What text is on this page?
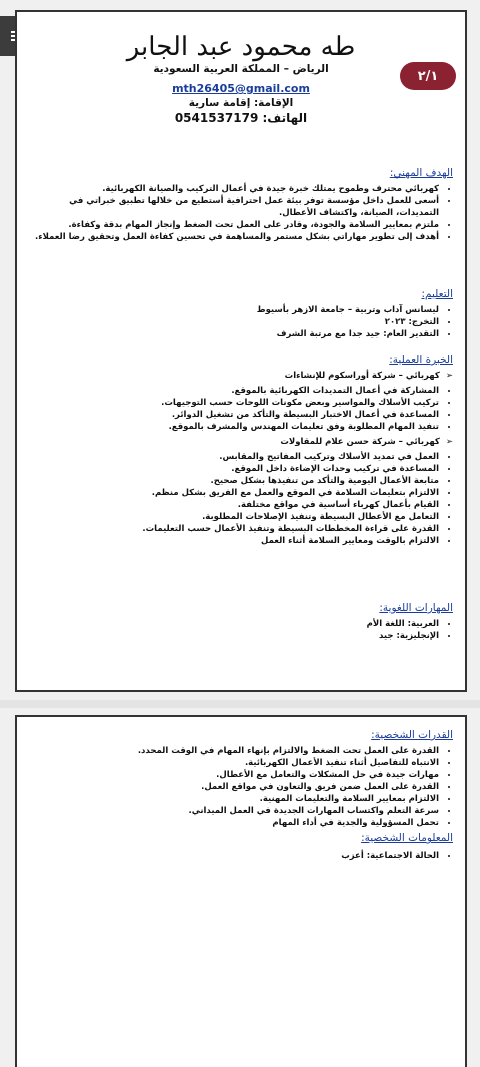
طه محمود عبد الجابر
الرياض – المملكة العربية السعودية
mth26405@gmail.com
الإقامة: إقامة سارية
الهاتف: 0541537179
٢/١
الهدف المهني:
• كهربائي محترف وطموح يمتلك خبرة جيدة في أعمال التركيب والصيانة الكهربائية.
• أسعى للعمل داخل مؤسسة توفر بيئة عمل احترافية أستطيع من خلالها تطبيق خبراتي في التمديدات، الصيانة، واكتشاف الأعطال.
• ملتزم بمعايير السلامة والجودة، وقادر على العمل تحت الضغط وإنجاز المهام بدقة وكفاءة.
• أهدف إلى تطوير مهاراتي بشكل مستمر والمساهمة في تحسين كفاءة العمل وتحقيق رضا العملاء.
التعليم:
• ليسانس آداب وتربية – جامعة الازهر بأسيوط
• التخرج: ٢٠٢٣
• التقدير العام: جيد جدا مع مرتبة الشرف
الخبرة العملية:
➢كهربائي – شركة أوراسكوم للإنشاءات
• المشاركة في أعمال التمديدات الكهربائية بالموقع.
• تركيب الأسلاك والمواسير وبعض مكونات اللوحات حسب التوجيهات.
• المساعدة في أعمال الاختبار البسيطة والتأكد من تشغيل الدوائر.
• تنفيذ المهام المطلوبة وفق تعليمات المهندس والمشرف بالموقع.
➢كهربائي – شركة حسن علام للمقاولات
• العمل في تمديد الأسلاك وتركيب المفاتيح والمقابس.
• المساعدة في تركيب وحدات الإضاءة داخل الموقع.
• متابعة الأعمال اليومية والتأكد من تنفيذها بشكل صحيح.
• الالتزام بتعليمات السلامة في الموقع والعمل مع الفريق بشكل منظم.
• القيام بأعمال كهرباء أساسية في مواقع مختلفة.
• التعامل مع الأعطال البسيطة وتنفيذ الإصلاحات المطلوبة.
• القدرة على قراءة المخططات البسيطة وتنفيذ الأعمال حسب التعليمات.
• الالتزام بالوقت ومعايير السلامة أثناء العمل
المهارات اللغوية:
• العربية: اللغة الأم
• الإنجليزية: جيد
القدرات الشخصية:
• القدرة على العمل تحت الضغط والالتزام بإنهاء المهام في الوقت المحدد.
• الانتباه للتفاصيل أثناء تنفيذ الأعمال الكهربائية.
• مهارات جيدة في حل المشكلات والتعامل مع الأعطال.
• القدرة على العمل ضمن فريق والتعاون في مواقع العمل.
• الالتزام بمعايير السلامة والتعليمات المهنية.
• سرعة التعلم واكتساب المهارات الجديدة في العمل الميداني.
• تحمل المسؤولية والجدية في أداء المهام
المعلومات الشخصية:
• الحالة الاجتماعية: أعزب
